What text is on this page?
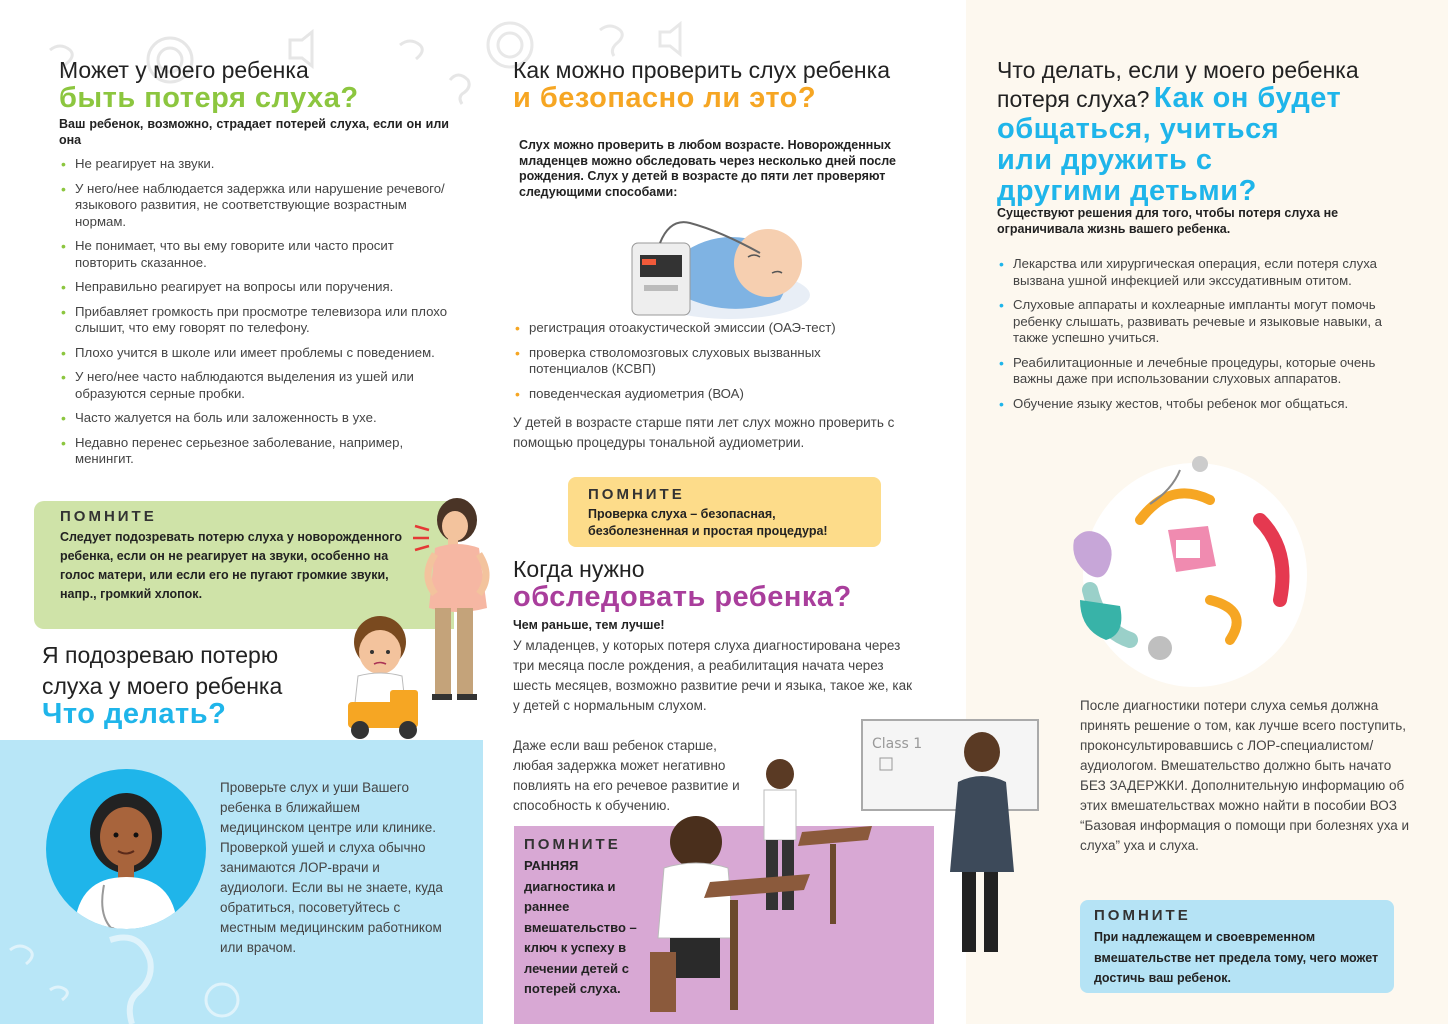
Может у моего ребенка
быть потеря слуха?
Ваш ребенок, возможно, страдает потерей слуха, если он или она
• Не реагирует на звуки.
• У него/нее наблюдается задержка или нарушение речевого/языкового развития, не соответствующие возрастным нормам.
• Не понимает, что вы ему говорите или часто просит повторить сказанное.
• Неправильно реагирует на вопросы или поручения.
• Прибавляет громкость при просмотре телевизора или плохо слышит, что ему говорят по телефону.
• Плохо учится в школе или имеет проблемы с поведением.
• У него/нее часто наблюдаются выделения из ушей или образуются серные пробки.
• Часто жалуется на боль или заложенность в ухе.
• Недавно перенес серьезное заболевание, например, менингит.
ПОМНИТЕ
Следует подозревать потерю слуха у новорожденного ребенка, если он не реагирует на звуки, особенно на голос матери, или если его не пугают громкие звуки, напр., громкий хлопок.
Я подозреваю потерю
слуха у моего ребенка
Что делать?

Проверьте слух и уши Вашего ребенка в ближайшем медицинском центре или клинике. Проверкой ушей и слуха обычно занимаются ЛОР-врачи и аудиологи. Если вы не знаете, куда обратиться, посоветуйтесь с местным медицинским работником или врачом.

Как можно проверить слух ребенка
и безопасно ли это?
Слух можно проверить в любом возрасте. Новорожденных младенцев можно обследовать через несколько дней после рождения. Слух у детей в возрасте до пяти лет проверяют следующими способами:
• регистрация отоакустической эмиссии (ОАЭ-тест)
• проверка стволомозговых слуховых вызванных потенциалов (КСВП)
• поведенческая аудиометрия (ВОА)

У детей в возрасте старше пяти лет слух можно проверить с помощью процедуры тональной аудиометрии.

ПОМНИТЕ
Проверка слуха – безопасная, безболезненная и простая процедура!
Когда нужно
обследовать ребенка?
Чем раньше, тем лучше!

У младенцев, у которых потеря слуха диагностирована через три месяца после рождения, а реабилитация начата через шесть месяцев, возможно развитие речи и языка, такое же, как у детей с нормальным слухом.

Даже если ваш ребенок старше, любая задержка может негативно повлиять на его речевое развитие и способность к обучению.

ПОМНИТЕ
РАННЯЯ диагностика и раннее вмешательство – ключ к успеху в лечении детей с потерей слуха.
Class 1
Что делать, если у моего ребенка
потеря слуха? Как он будет
общаться, учиться или дружить с другими детьми?
Существуют решения для того, чтобы потеря слуха не ограничивала жизнь вашего ребенка.
• Лекарства или хирургическая операция, если потеря слуха вызвана ушной инфекцией или экссудативным отитом.
• Слуховые аппараты и кохлеарные импланты могут помочь ребенку слышать, развивать речевые и языковые навыки, а также успешно учиться.
• Реабилитационные и лечебные процедуры, которые очень важны даже при использовании слуховых аппаратов.
• Обучение языку жестов, чтобы ребенок мог общаться.

После диагностики потери слуха семья должна принять решение о том, как лучше всего поступить, проконсультировавшись с ЛОР-специалистом/аудиологом. Вмешательство должно быть начато БЕЗ ЗАДЕРЖКИ. Дополнительную информацию об этих вмешательствах можно найти в пособии ВОЗ “Базовая информация о помощи при болезнях уха и слуха” уха и слуха.

ПОМНИТЕ
При надлежащем и своевременном вмешательстве нет предела тому, чего может достичь ваш ребенок.
